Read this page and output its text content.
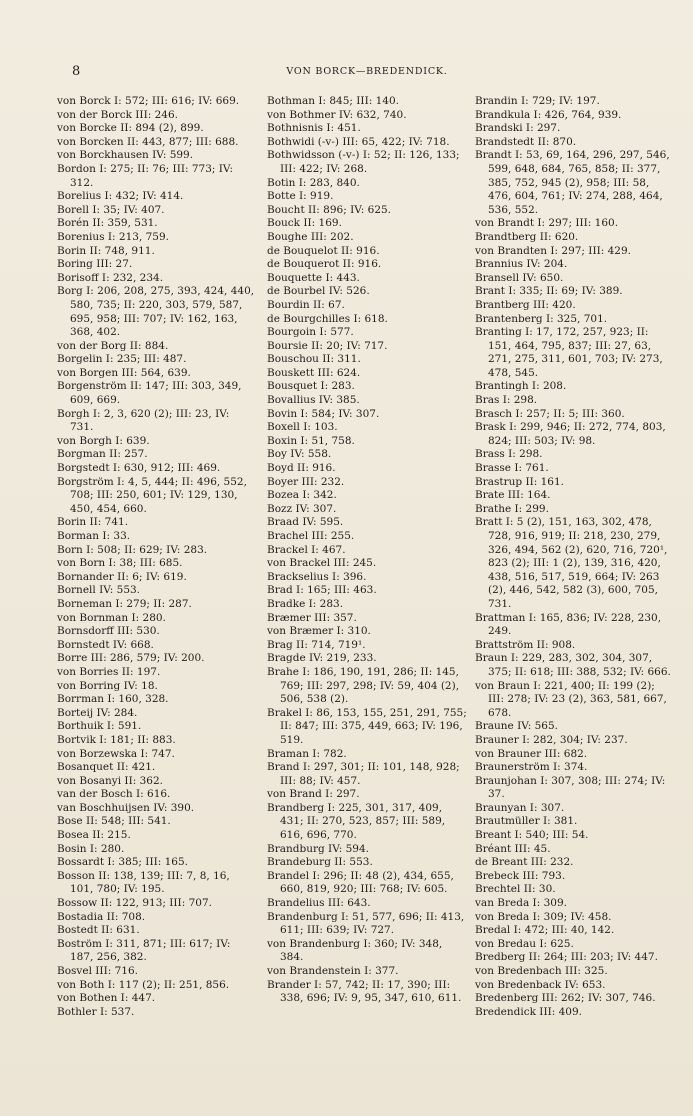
8	VON BORCK—BREDENDICK.
von Borck I: 572; III: 616; IV: 669.
von der Borck III: 246.
von Borcke II: 894 (2), 899.
von Borcken II: 443, 877; III: 688.
von Borckhausen IV: 599.
Bordon I: 275; II: 76; III: 773; IV: 312.
Borelius I: 432; IV: 414.
Borell I: 35; IV: 407.
Borén II: 359, 531.
Borenius I: 213, 759.
Borin II: 748, 911.
Boring III: 27.
Borisoff I: 232, 234.
Borg I: 206, 208, 275, 393, 424, 440, 580, 735; II: 220, 303, 579, 587, 695, 958; III: 707; IV: 162, 163, 368, 402.
von der Borg II: 884.
Borgelin I: 235; III: 487.
von Borgen III: 564, 639.
Borgenström II: 147; III: 303, 349, 609, 669.
Borgh I: 2, 3, 620 (2); III: 23, IV: 731.
von Borgh I: 639.
Borgman II: 257.
Borgstedt I: 630, 912; III: 469.
Borgström I: 4, 5, 444; II: 496, 552, 708; III: 250, 601; IV: 129, 130, 450, 454, 660.
Borin II: 741.
Borman I: 33.
Born I: 508; II: 629; IV: 283.
von Born I: 38; III: 685.
Bornander II: 6; IV: 619.
Bornell IV: 553.
Borneman I: 279; II: 287.
von Bornman I: 280.
Bornsdorff III: 530.
Bornstedt IV: 668.
Borre III: 286, 579; IV: 200.
von Borries II: 197.
von Borring IV: 18.
Borrman I: 160, 328.
Borteij IV: 284.
Borthuik I: 591.
Bortvik I: 181; II: 883.
von Borzewska I: 747.
Bosanquet II: 421.
von Bosanyi II: 362.
van der Bosch I: 616.
van Boschhuijsen IV: 390.
Bose II: 548; III: 541.
Bosea II: 215.
Bosin I: 280.
Bossardt I: 385; III: 165.
Bosson II: 138, 139; III: 7, 8, 16, 101, 780; IV: 195.
Bossow II: 122, 913; III: 707.
Bostadia II: 708.
Bostedt II: 631.
Boström I: 311, 871; III: 617; IV: 187, 256, 382.
Bosvel III: 716.
von Both I: 117 (2); II: 251, 856.
von Bothen I: 447.
Bothler I: 537.
Bothman I: 845; III: 140.
von Bothmer IV: 632, 740.
Bothnisnis I: 451.
Bothwidi (-v-) III: 65, 422; IV: 718.
Bothwidsson (-v-) I: 52; II: 126, 133; III: 422; IV: 268.
Botin I: 283, 840.
Botte I: 919.
Boucht II: 896; IV: 625.
Bouck II: 169.
Boughe III: 202.
de Bouquelot II: 916.
de Bouquerot II: 916.
Bouquette I: 443.
de Bourbel IV: 526.
Bourdin II: 67.
de Bourgchilles I: 618.
Bourgoin I: 577.
Boursie II: 20; IV: 717.
Bouschou II: 311.
Bouskett III: 624.
Bousquet I: 283.
Bovallius IV: 385.
Bovin I: 584; IV: 307.
Boxell I: 103.
Boxin I: 51, 758.
Boy IV: 558.
Boyd II: 916.
Boyer III: 232.
Bozea I: 342.
Bozz IV: 307.
Braad IV: 595.
Brachel III: 255.
Brackel I: 467.
von Brackel III: 245.
Brackselius I: 396.
Brad I: 165; III: 463.
Bradke I: 283.
Bræmer III: 357.
von Bræmer I: 310.
Brag II: 714, 719¹.
Bragde IV: 219, 233.
Brahe I: 186, 190, 191, 286; II: 145, 769; III: 297, 298; IV: 59, 404 (2), 506, 538 (2).
Brakel I: 86, 153, 155, 251, 291, 755; II: 847; III: 375, 449, 663; IV: 196, 519.
Braman I: 782.
Brand I: 297, 301; II: 101, 148, 928; III: 88; IV: 457.
von Brand I: 297.
Brandberg I: 225, 301, 317, 409, 431; II: 270, 523, 857; III: 589, 616, 696, 770.
Brandburg IV: 594.
Brandeburg II: 553.
Brandel I: 296; II: 48 (2), 434, 655, 660, 819, 920; III: 768; IV: 605.
Brandelius III: 643.
Brandenburg I: 51, 577, 696; II: 413, 611; III: 639; IV: 727.
von Brandenburg I: 360; IV: 348, 384.
von Brandenstein I: 377.
Brander I: 57, 742; II: 17, 390; III: 338, 696; IV: 9, 95, 347, 610, 611.
Brandin I: 729; IV: 197.
Brandkula I: 426, 764, 939.
Brandski I: 297.
Brandstedt II: 870.
Brandt I: 53, 69, 164, 296, 297, 546, 599, 648, 684, 765, 858; II: 377, 385, 752, 945 (2), 958; III: 58, 476, 604, 761; IV: 274, 288, 464, 536, 552.
von Brandt I: 297; III: 160.
Brandtberg II: 620.
von Brandten I: 297; III: 429.
Brannius IV: 204.
Bransell IV: 650.
Brant I: 335; II: 69; IV: 389.
Brantberg III: 420.
Brantenberg I: 325, 701.
Branting I: 17, 172, 257, 923; II: 151, 464, 795, 837; III: 27, 63, 271, 275, 311, 601, 703; IV: 273, 478, 545.
Brantingh I: 208.
Bras I: 298.
Brasch I: 257; II: 5; III: 360.
Brask I: 299, 946; II: 272, 774, 803, 824; III: 503; IV: 98.
Brass I: 298.
Brasse I: 761.
Brastrup II: 161.
Brate III: 164.
Brathe I: 299.
Bratt I: 5 (2), 151, 163, 302, 478, 728, 916, 919; II: 218, 230, 279, 326, 494, 562 (2), 620, 716, 720¹, 823 (2); III: 1 (2), 139, 316, 420, 438, 516, 517, 519, 664; IV: 263 (2), 446, 542, 582 (3), 600, 705, 731.
Brattman I: 165, 836; IV: 228, 230, 249.
Brattström II: 908.
Braun I: 229, 283, 302, 304, 307, 375; II: 618; III: 388, 532; IV: 666.
von Braun I: 221, 400; II: 199 (2); III: 278; IV: 23 (2), 363, 581, 667, 678.
Braune IV: 565.
Brauner I: 282, 304; IV: 237.
von Brauner III: 682.
Braunerström I: 374.
Braunjohan I: 307, 308; III: 274; IV: 37.
Braunyan I: 307.
Brautmüller I: 381.
Breant I: 540; III: 54.
Bréant III: 45.
de Breant III: 232.
Brebeck III: 793.
Brechtel II: 30.
van Breda I: 309.
von Breda I: 309; IV: 458.
Bredal I: 472; III: 40, 142.
von Bredau I: 625.
Bredberg II: 264; III: 203; IV: 447.
von Bredenbach III: 325.
von Bredenback IV: 653.
Bredenberg III: 262; IV: 307, 746.
Bredendick III: 409.
